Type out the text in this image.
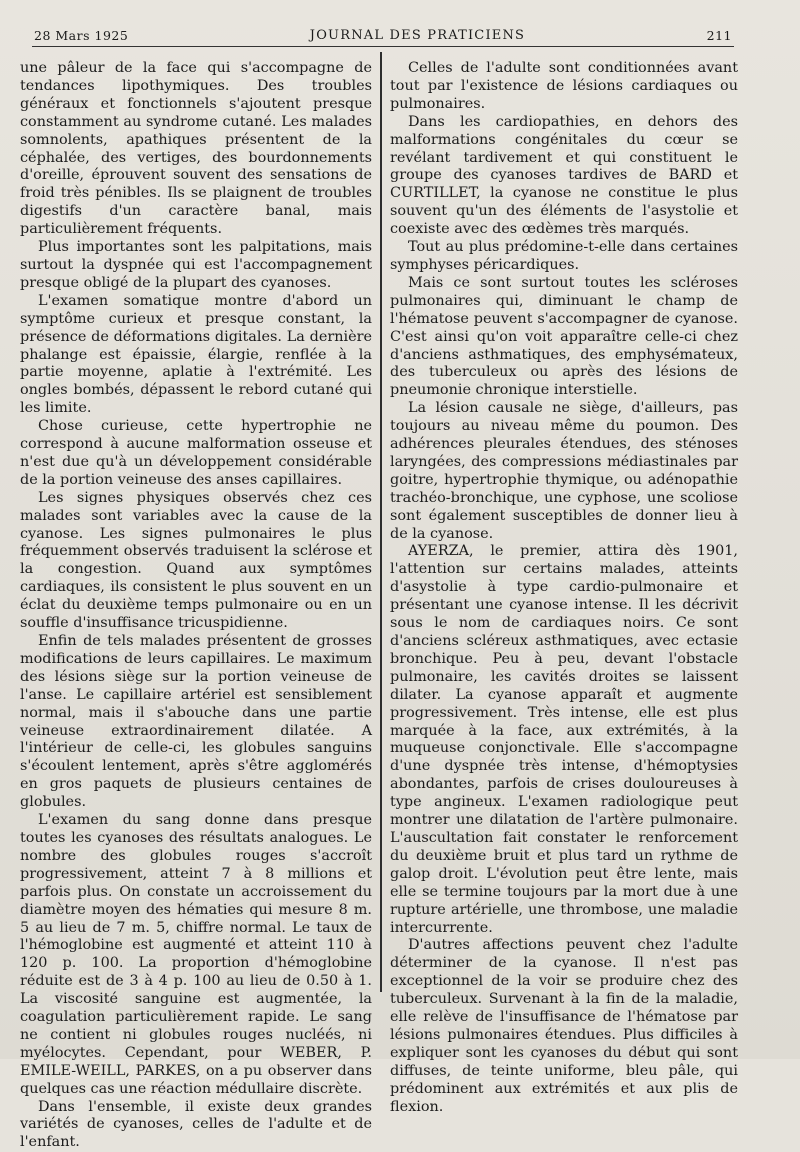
28 Mars 1925	JOURNAL DES PRATICIENS	211

une pâleur de la face qui s'accompagne de tendances lipothymiques. Des troubles généraux et fonctionnels s'ajoutent presque constamment au syndrome cutané. Les malades somnolents, apathiques présentent de la céphalée, des vertiges, des bourdonnements d'oreille, éprouvent souvent des sensations de froid très pénibles. Ils se plaignent de troubles digestifs d'un caractère banal, mais particulièrement fréquents.

Plus importantes sont les palpitations, mais surtout la dyspnée qui est l'accompagnement presque obligé de la plupart des cyanoses.

L'examen somatique montre d'abord un symptôme curieux et presque constant, la présence de déformations digitales. La dernière phalange est épaissie, élargie, renflée à la partie moyenne, aplatie à l'extrémité. Les ongles bombés, dépassent le rebord cutané qui les limite.

Chose curieuse, cette hypertrophie ne correspond à aucune malformation osseuse et n'est due qu'à un développement considérable de la portion veineuse des anses capillaires.

Les signes physiques observés chez ces malades sont variables avec la cause de la cyanose. Les signes pulmonaires le plus fréquemment observés traduisent la sclérose et la congestion. Quand aux symptômes cardiaques, ils consistent le plus souvent en un éclat du deuxième temps pulmonaire ou en un souffle d'insuffisance tricuspidienne.

Enfin de tels malades présentent de grosses modifications de leurs capillaires. Le maximum des lésions siège sur la portion veineuse de l'anse. Le capillaire artériel est sensiblement normal, mais il s'abouche dans une partie veineuse extraordinairement dilatée. A l'intérieur de celle-ci, les globules sanguins s'écoulent lentement, après s'être agglomérés en gros paquets de plusieurs centaines de globules.

L'examen du sang donne dans presque toutes les cyanoses des résultats analogues. Le nombre des globules rouges s'accroît progressivement, atteint 7 à 8 millions et parfois plus. On constate un accroissement du diamètre moyen des hématies qui mesure 8 m. 5 au lieu de 7 m. 5, chiffre normal. Le taux de l'hémoglobine est augmenté et atteint 110 à 120 p. 100. La proportion d'hémoglobine réduite est de 3 à 4 p. 100 au lieu de 0.50 à 1. La viscosité sanguine est augmentée, la coagulation particulièrement rapide. Le sang ne contient ni globules rouges nucléés, ni myélocytes. Cependant, pour WEBER, P. EMILE-WEILL, PARKES, on a pu observer dans quelques cas une réaction médullaire discrète.

Dans l'ensemble, il existe deux grandes variétés de cyanoses, celles de l'adulte et de l'enfant.

Celles de l'adulte sont conditionnées avant tout par l'existence de lésions cardiaques ou pulmonaires.

Dans les cardiopathies, en dehors des malformations congénitales du cœur se revélant tardivement et qui constituent le groupe des cyanoses tardives de BARD et CURTILLET, la cyanose ne constitue le plus souvent qu'un des éléments de l'asystolie et coexiste avec des œdèmes très marqués.

Tout au plus prédomine-t-elle dans certaines symphyses péricardiques.

Mais ce sont surtout toutes les scléroses pulmonaires qui, diminuant le champ de l'hématose peuvent s'accompagner de cyanose. C'est ainsi qu'on voit apparaître celle-ci chez d'anciens asthmatiques, des emphysémateux, des tuberculeux ou après des lésions de pneumonie chronique interstielle.

La lésion causale ne siège, d'ailleurs, pas toujours au niveau même du poumon. Des adhérences pleurales étendues, des sténoses laryngées, des compressions médiastinales par goitre, hypertrophie thymique, ou adénopathie trachéo-bronchique, une cyphose, une scoliose sont également susceptibles de donner lieu à de la cyanose.

AYERZA, le premier, attira dès 1901, l'attention sur certains malades, atteints d'asystolie à type cardio-pulmonaire et présentant une cyanose intense. Il les décrivit sous le nom de cardiaques noirs. Ce sont d'anciens scléreux asthmatiques, avec ectasie bronchique. Peu à peu, devant l'obstacle pulmonaire, les cavités droites se laissent dilater. La cyanose apparaît et augmente progressivement. Très intense, elle est plus marquée à la face, aux extrémités, à la muqueuse conjonctivale. Elle s'accompagne d'une dyspnée très intense, d'hémoptysies abondantes, parfois de crises douloureuses à type angineux. L'examen radiologique peut montrer une dilatation de l'artère pulmonaire. L'auscultation fait constater le renforcement du deuxième bruit et plus tard un rythme de galop droit. L'évolution peut être lente, mais elle se termine toujours par la mort due à une rupture artérielle, une thrombose, une maladie intercurrente.

D'autres affections peuvent chez l'adulte déterminer de la cyanose. Il n'est pas exceptionnel de la voir se produire chez des tuberculeux. Survenant à la fin de la maladie, elle relève de l'insuffisance de l'hématose par lésions pulmonaires étendues. Plus difficiles à expliquer sont les cyanoses du début qui sont diffuses, de teinte uniforme, bleu pâle, qui prédominent aux extrémités et aux plis de flexion.
